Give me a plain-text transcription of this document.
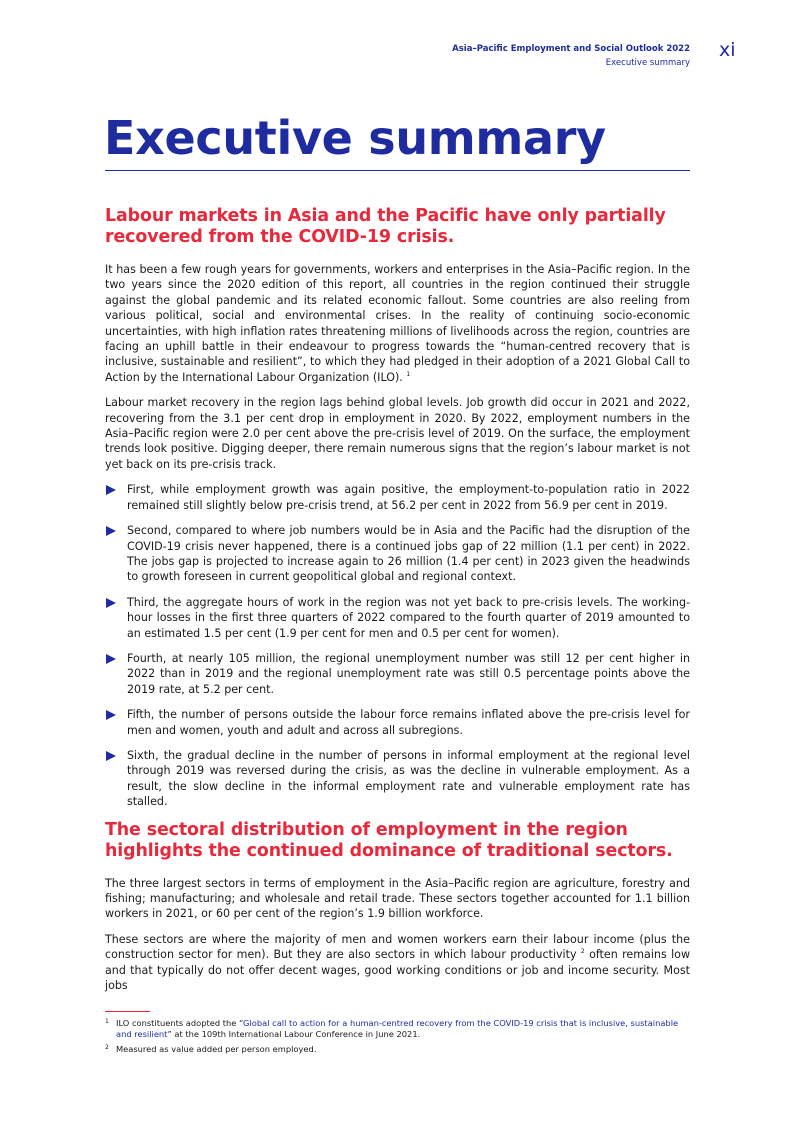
Asia–Pacific Employment and Social Outlook 2022
Executive summary
xi
Executive summary
Labour markets in Asia and the Pacific have only partially recovered from the COVID-19 crisis.

It has been a few rough years for governments, workers and enterprises in the Asia–Pacific region. In the two years since the 2020 edition of this report, all countries in the region continued their struggle against the global pandemic and its related economic fallout. Some countries are also reeling from various political, social and environmental crises. In the reality of continuing socio-economic uncertainties, with high inflation rates threatening millions of livelihoods across the region, countries are facing an uphill battle in their endeavour to progress towards the “human-centred recovery that is inclusive, sustainable and resilient”, to which they had pledged in their adoption of a 2021 Global Call to Action by the International Labour Organization (ILO). $^1$

Labour market recovery in the region lags behind global levels. Job growth did occur in 2021 and 2022, recovering from the 3.1 per cent drop in employment in 2020. By 2022, employment numbers in the Asia–Pacific region were 2.0 per cent above the pre-crisis level of 2019. On the surface, the employment trends look positive. Digging deeper, there remain numerous signs that the region’s labour market is not yet back on its pre-crisis track.

First, while employment growth was again positive, the employment-to-population ratio in 2022 remained still slightly below pre-crisis trend, at 56.2 per cent in 2022 from 56.9 per cent in 2019.
Second, compared to where job numbers would be in Asia and the Pacific had the disruption of the COVID-19 crisis never happened, there is a continued jobs gap of 22 million (1.1 per cent) in 2022. The jobs gap is projected to increase again to 26 million (1.4 per cent) in 2023 given the headwinds to growth foreseen in current geopolitical global and regional context.
Third, the aggregate hours of work in the region was not yet back to pre-crisis levels. The working-hour losses in the first three quarters of 2022 compared to the fourth quarter of 2019 amounted to an estimated 1.5 per cent (1.9 per cent for men and 0.5 per cent for women).
Fourth, at nearly 105 million, the regional unemployment number was still 12 per cent higher in 2022 than in 2019 and the regional unemployment rate was still 0.5 percentage points above the 2019 rate, at 5.2 per cent.
Fifth, the number of persons outside the labour force remains inflated above the pre-crisis level for men and women, youth and adult and across all subregions.
Sixth, the gradual decline in the number of persons in informal employment at the regional level through 2019 was reversed during the crisis, as was the decline in vulnerable employment. As a result, the slow decline in the informal employment rate and vulnerable employment rate has stalled.
The sectoral distribution of employment in the region highlights the continued dominance of traditional sectors.

The three largest sectors in terms of employment in the Asia–Pacific region are agriculture, forestry and fishing; manufacturing; and wholesale and retail trade. These sectors together accounted for 1.1 billion workers in 2021, or 60 per cent of the region’s 1.9 billion workforce.

These sectors are where the majority of men and women workers earn their labour income (plus the construction sector for men). But they are also sectors in which labour productivity $^2$ often remains low and that typically do not offer decent wages, good working conditions or job and income security. Most jobs

1 ILO constituents adopted the “Global call to action for a human-centred recovery from the COVID-19 crisis that is inclusive, sustainable and resilient” at the 109th International Labour Conference in June 2021.
2 Measured as value added per person employed.
